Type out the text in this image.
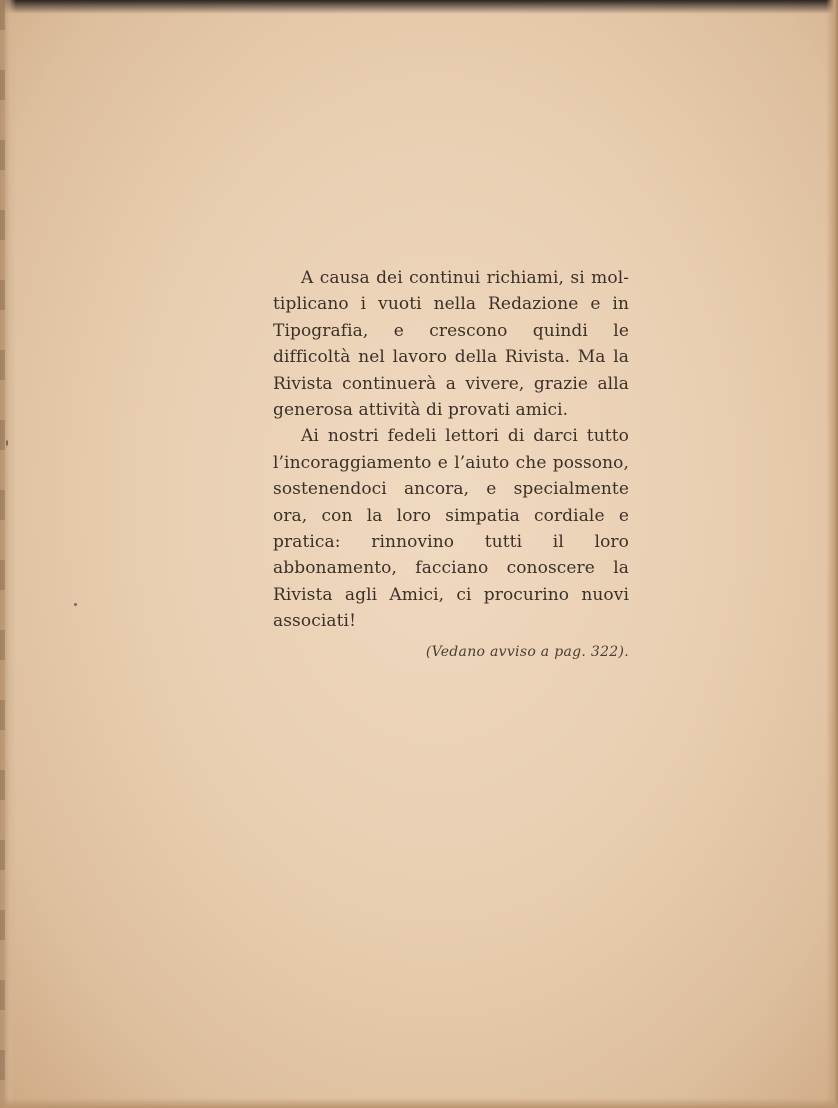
A causa dei continui richiami, si moltiplicano i vuoti nella Redazione e in Tipografia, e crescono quindi le difficoltà nel lavoro della Rivista. Ma la Rivista continuerà a vivere, grazie alla generosa attività di provati amici.

Ai nostri fedeli lettori di darci tutto l’incoraggiamento e l’aiuto che possono, sostenendoci ancora, e specialmente ora, con la loro simpatia cordiale e pratica: rinnovino tutti il loro abbonamento, facciano conoscere la Rivista agli Amici, ci procurino nuovi associati!

(Vedano avviso a pag. 322).
